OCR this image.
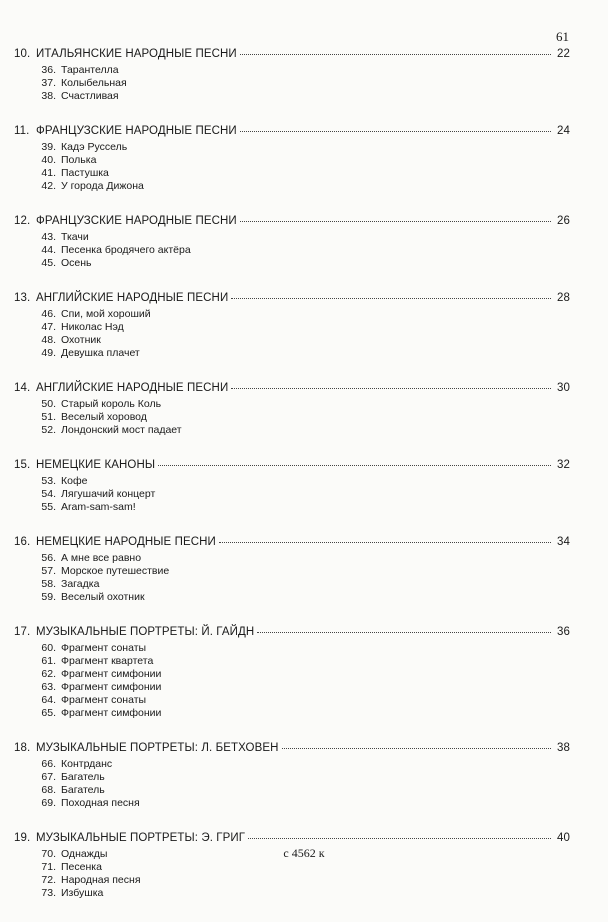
61
10. ИТАЛЬЯНСКИЕ НАРОДНЫЕ ПЕСНИ	22
36. Тарантелла
37. Колыбельная
38. Счастливая
11. ФРАНЦУЗСКИЕ НАРОДНЫЕ ПЕСНИ	24
39. Кадэ Руссель
40. Полька
41. Пастушка
42. У города Дижона
12. ФРАНЦУЗСКИЕ НАРОДНЫЕ ПЕСНИ	26
43. Ткачи
44. Песенка бродячего актёра
45. Осень
13. АНГЛИЙСКИЕ НАРОДНЫЕ ПЕСНИ	28
46. Спи, мой хороший
47. Николас Нэд
48. Охотник
49. Девушка плачет
14. АНГЛИЙСКИЕ НАРОДНЫЕ ПЕСНИ	30
50. Старый король Коль
51. Веселый хоровод
52. Лондонский мост падает
15. НЕМЕЦКИЕ КАНОНЫ	32
53. Кофе
54. Лягушачий концерт
55. Aram-sam-sam!
16. НЕМЕЦКИЕ НАРОДНЫЕ ПЕСНИ	34
56. А мне все равно
57. Морское путешествие
58. Загадка
59. Веселый охотник
17. МУЗЫКАЛЬНЫЕ ПОРТРЕТЫ: Й. ГАЙДН	36
60. Фрагмент сонаты
61. Фрагмент квартета
62. Фрагмент симфонии
63. Фрагмент симфонии
64. Фрагмент сонаты
65. Фрагмент симфонии
18. МУЗЫКАЛЬНЫЕ ПОРТРЕТЫ: Л. БЕТХОВЕН	38
66. Контрданс
67. Багатель
68. Багатель
69. Походная песня
19. МУЗЫКАЛЬНЫЕ ПОРТРЕТЫ: Э. ГРИГ	40
70. Однажды
71. Песенка
72. Народная песня
73. Избушка
с 4562 к
